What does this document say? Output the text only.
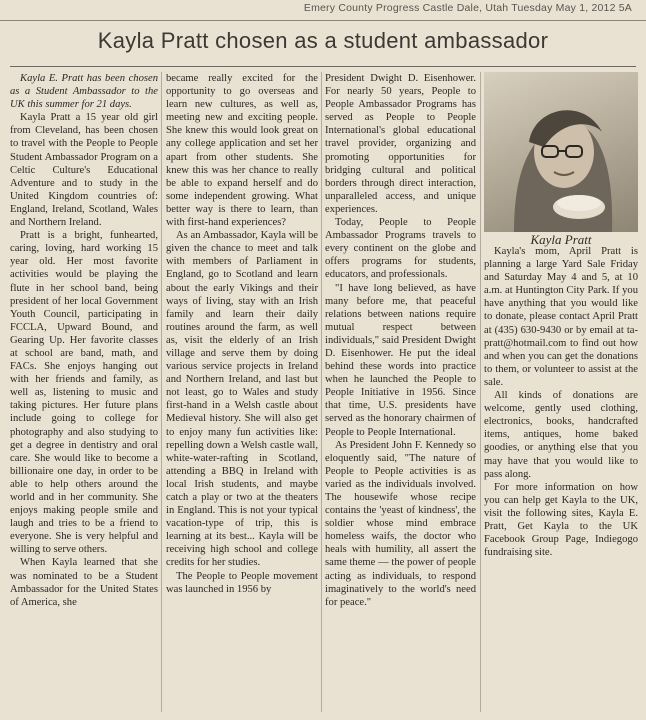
Emery County Progress Castle Dale, Utah Tuesday May 1, 2012 5A
Kayla Pratt chosen as a student ambassador

Kayla E. Pratt has been chosen as a Student Ambassador to the UK this summer for 21 days.

Kayla Pratt a 15 year old girl from Cleveland, has been chosen to travel with the People to People Student Ambassador Program on a Celtic Culture's Educational Adventure and to study in the United Kingdom countries of: England, Ireland, Scotland, Wales and Northern Ireland.

Pratt is a bright, funhearted, caring, loving, hard working 15 year old. Her most favorite activities would be playing the flute in her school band, being president of her local Government Youth Council, participating in FCCLA, Upward Bound, and Gearing Up. Her favorite classes at school are band, math, and FACs. She enjoys hanging out with her friends and family, as well as, listening to music and taking pictures. Her future plans include going to college for photography and also studying to get a degree in dentistry and oral care. She would like to become a billionaire one day, in order to be able to help others around the world and in her community. She enjoys making people smile and laugh and tries to be a friend to everyone. She is very helpful and willing to serve others.

When Kayla learned that she was nominated to be a Student Ambassador for the United States of America, she

became really excited for the opportunity to go overseas and learn new cultures, as well as, meeting new and exciting people. She knew this would look great on any college application and set her apart from other students. She knew this was her chance to really be able to expand herself and do some independent growing. What better way is there to learn, than with first-hand experiences?

As an Ambassador, Kayla will be given the chance to meet and talk with members of Parliament in England, go to Scotland and learn about the early Vikings and their ways of living, stay with an Irish family and learn their daily routines around the farm, as well as, visit the elderly of an Irish village and serve them by doing various service projects in Ireland and Northern Ireland, and last but not least, go to Wales and study first-hand in a Welsh castle about Medieval history. She will also get to enjoy many fun activities like: repelling down a Welsh castle wall, white-water-rafting in Scotland, attending a BBQ in Ireland with local Irish students, and maybe catch a play or two at the theaters in England. This is not your typical vacation-type of trip, this is learning at its best... Kayla will be receiving high school and college credits for her studies.

The People to People movement was launched in 1956 by

President Dwight D. Eisenhower. For nearly 50 years, People to People Ambassador Programs has served as People to People International's global educational travel provider, organizing and promoting opportunities for bridging cultural and political borders through direct interaction, unparalleled access, and unique experiences.

Today, People to People Ambassador Programs travels to every continent on the globe and offers programs for students, educators, and professionals.

"I have long believed, as have many before me, that peaceful relations between nations require mutual respect between individuals," said President Dwight D. Eisenhower. He put the ideal behind these words into practice when he launched the People to People Initiative in 1956. Since that time, U.S. presidents have served as the honorary chairmen of People to People International.

As President John F. Kennedy so eloquently said, "The nature of People to People activities is as varied as the individuals involved. The housewife whose recipe contains the 'yeast of kindness', the soldier whose mind embrace homeless waifs, the doctor who heals with humility, all assert the same theme — the power of people acting as individuals, to respond imaginatively to the world's need for peace."

Kayla Pratt

Kayla's mom, April Pratt is planning a large Yard Sale Friday and Saturday May 4 and 5, at 10 a.m. at Huntington City Park. If you have anything that you would like to donate, please contact April Pratt at (435) 630-9430 or by email at ta-pratt@hotmail.com to find out how and when you can get the donations to them, or volunteer to assist at the sale.

All kinds of donations are welcome, gently used clothing, electronics, books, handcrafted items, antiques, home baked goodies, or anything else that you may have that you would like to pass along.

For more information on how you can help get Kayla to the UK, visit the following sites, Kayla E. Pratt, Get Kayla to the UK Facebook Group Page, Indiegogo fundraising site.
